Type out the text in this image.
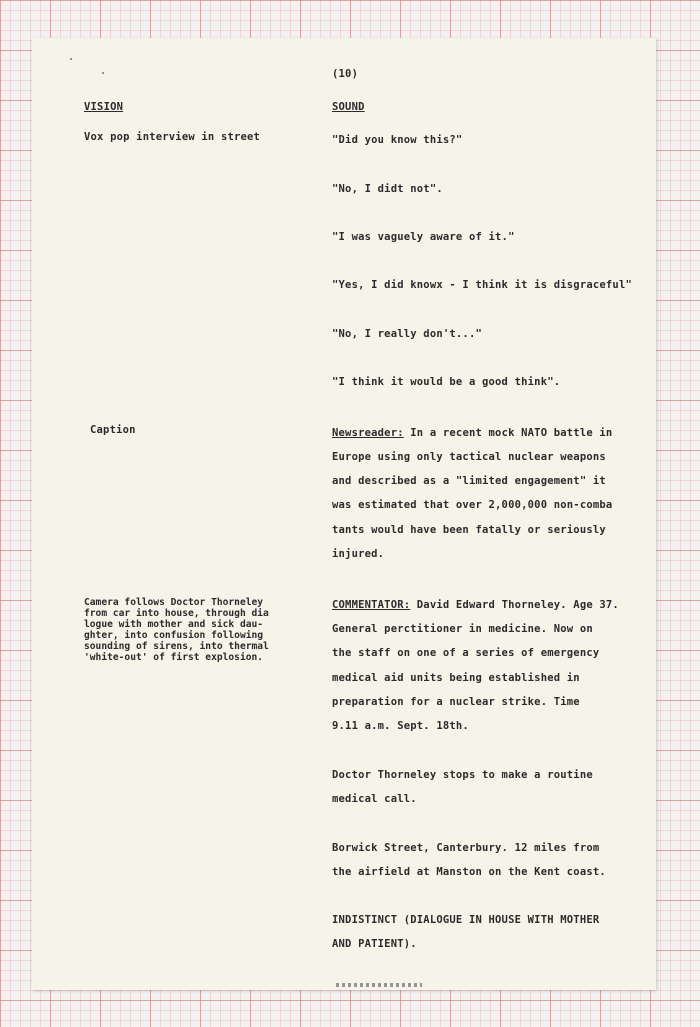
(10)
VISION	SOUND
Vox pop interview in street
Caption
Camera follows Doctor Thorneley
from car into house, through dia
logue with mother and sick dau-
ghter, into confusion following
sounding of sirens, into thermal
'white-out' of first explosion.
"Did you know this?"
"No, I didt not".
"I was vaguely aware of it."
"Yes, I did knowx - I think it is disgraceful"
"No, I really don't..."
"I think it would be a good think".
Newsreader: In a recent mock NATO battle in
Europe using only tactical nuclear weapons
and described as a "limited engagement" it
was estimated that over 2,000,000 non-comba
tants would have been fatally or seriously
injured.
COMMENTATOR: David Edward Thorneley. Age 37.
General perctitioner in medicine. Now on
the staff on one of a series of emergency
medical aid units being established in
preparation for a nuclear strike. Time
9.11 a.m. Sept. 18th.
Doctor Thorneley stops to make a routine
medical call.
Borwick Street, Canterbury. 12 miles from
the airfield at Manston on the Kent coast.
INDISTINCT (DIALOGUE IN HOUSE WITH MOTHER
AND PATIENT).
